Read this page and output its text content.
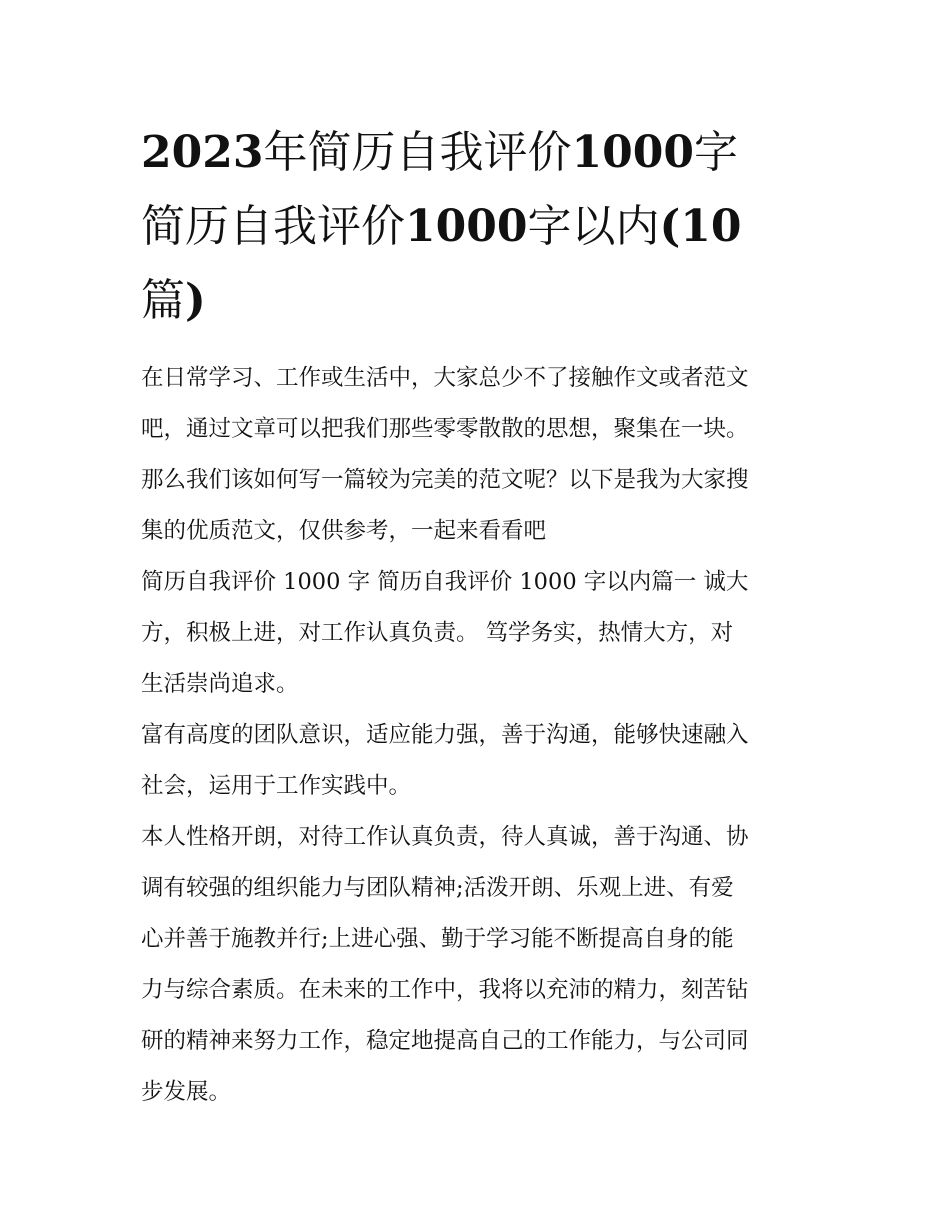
2023年简历自我评价1000字
简历自我评价1000字以内(10
篇)

在日常学习、工作或生活中，大家总少不了接触作文或者范文
吧，通过文章可以把我们那些零零散散的思想，聚集在一块。
那么我们该如何写一篇较为完美的范文呢？以下是我为大家搜
集的优质范文，仅供参考，一起来看看吧

简历自我评价 1000 字 简历自我评价 1000 字以内篇一 诚大
方，积极上进，对工作认真负责。 笃学务实，热情大方，对
生活崇尚追求。

富有高度的团队意识，适应能力强，善于沟通，能够快速融入
社会，运用于工作实践中。

本人性格开朗，对待工作认真负责，待人真诚，善于沟通、协
调有较强的组织能力与团队精神;活泼开朗、乐观上进、有爱
心并善于施教并行;上进心强、勤于学习能不断提高自身的能
力与综合素质。在未来的工作中，我将以充沛的精力，刻苦钻
研的精神来努力工作，稳定地提高自己的工作能力，与公司同
步发展。
